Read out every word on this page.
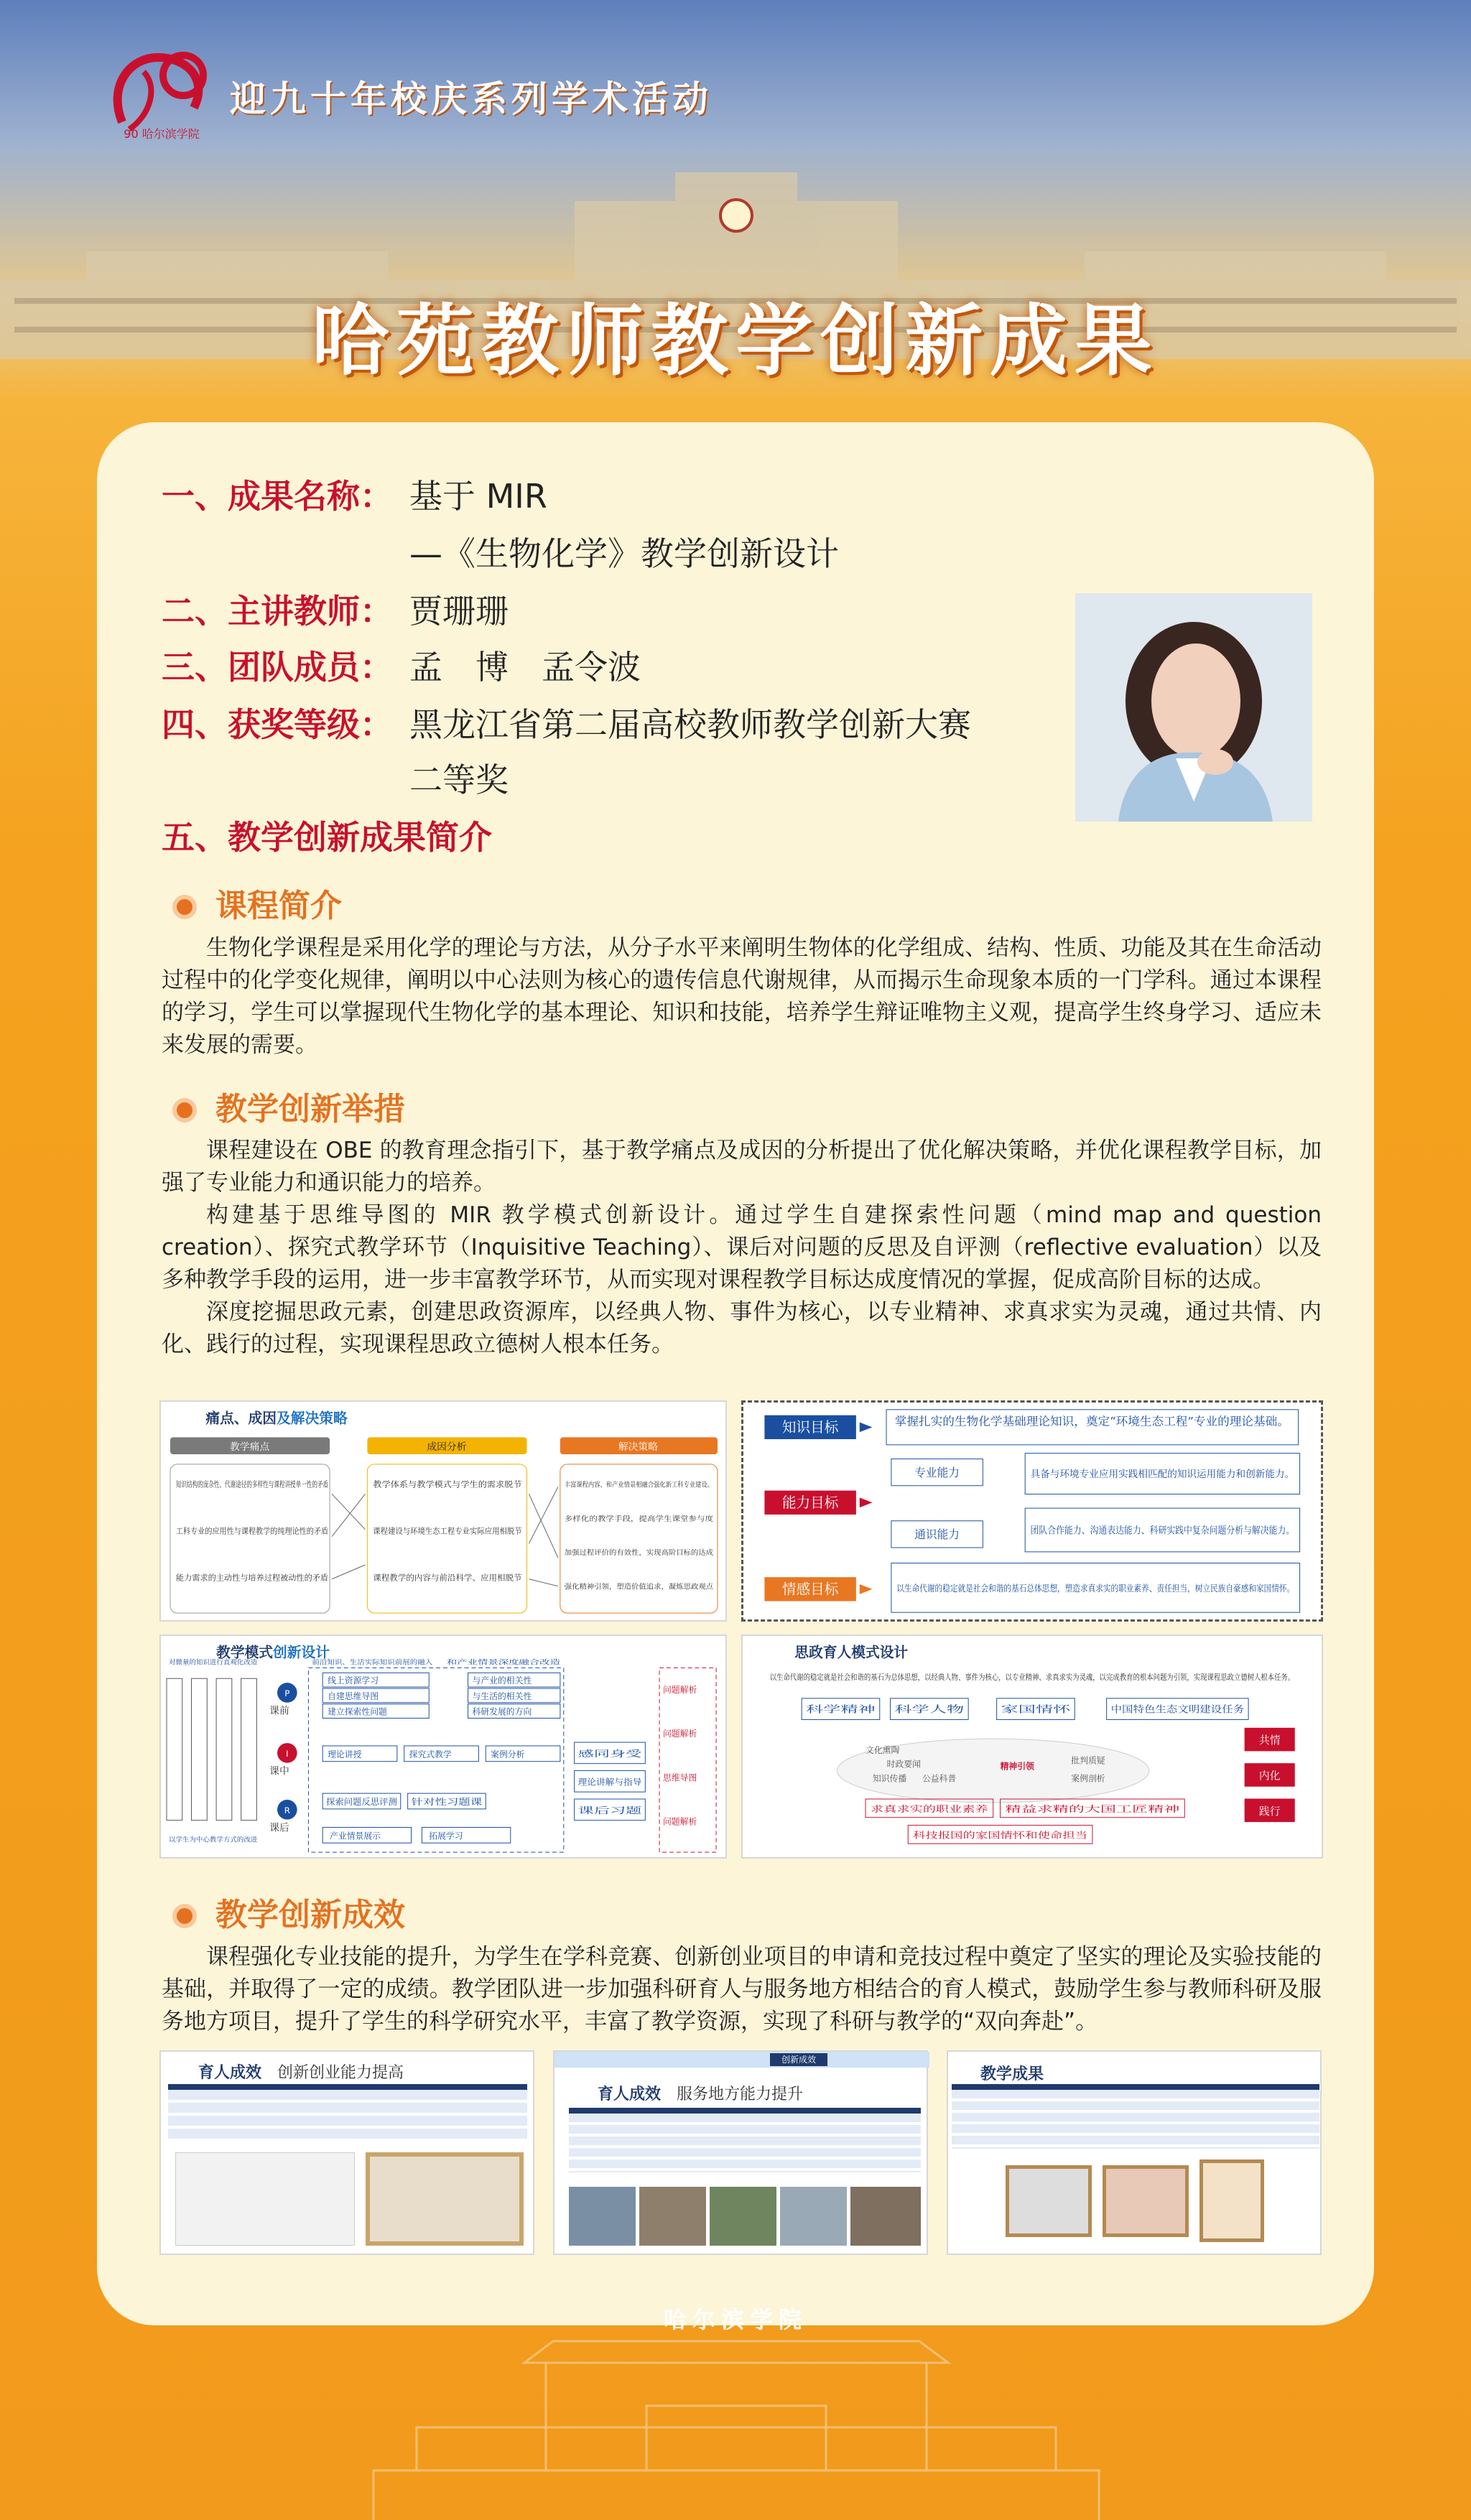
90 哈尔滨学院
迎九十年校庆系列学术活动
哈苑教师教学创新成果
一、成果名称： 基于 MIR
—《生物化学》教学创新设计
二、主讲教师： 贾珊珊
三、团队成员： 孟　博　孟令波
四、获奖等级： 黑龙江省第二届高校教师教学创新大赛
二等奖
五、教学创新成果简介
课程简介

生物化学课程是采用化学的理论与方法，从分子水平来阐明生物体的化学组成、结构、性质、功能及其在生命活动过程中的化学变化规律，阐明以中心法则为核心的遗传信息代谢规律，从而揭示生命现象本质的一门学科。通过本课程的学习，学生可以掌握现代生物化学的基本理论、知识和技能，培养学生辩证唯物主义观，提高学生终身学习、适应未来发展的需要。

教学创新举措

课程建设在 OBE 的教育理念指引下，基于教学痛点及成因的分析提出了优化解决策略，并优化课程教学目标，加强了专业能力和通识能力的培养。

构建基于思维导图的 MIR 教学模式创新设计。通过学生自建探索性问题（mind map and question creation）、探究式教学环节（Inquisitive Teaching）、课后对问题的反思及自评测（reflective evaluation）以及多种教学手段的运用，进一步丰富教学环节，从而实现对课程教学目标达成度情况的掌握，促成高阶目标的达成。

深度挖掘思政元素，创建思政资源库，以经典人物、事件为核心，以专业精神、求真求实为灵魂，通过共情、内化、践行的过程，实现课程思政立德树人根本任务。

痛点、成因及解决策略
教学痛点	成因分析	解决策略
知识结构的庞杂性、代谢途径的多样性与课程讲授单一性的矛盾
工科专业的应用性与课程教学的纯理论性的矛盾
能力需求的主动性与培养过程被动性的矛盾
教学体系与教学模式与学生的需求脱节
课程建设与环境生态工程专业实际应用相脱节
课程教学的内容与前沿科学、应用相脱节
丰富课程内容、和产业情景相融合强化新工科专业建设。
多样化的教学手段，提高学生课堂参与度
加强过程评价的有效性，实现高阶目标的达成
强化精神引领，塑造价值追求，凝炼思政观点
知识目标	掌握扎实的生物化学基础理论知识，奠定“环境生态工程”专业的理论基础。
能力目标
专业能力
通识能力
具备与环境专业应用实践相匹配的知识运用能力和创新能力。
团队合作能力、沟通表达能力、科研实践中复杂问题分析与解决能力。
情感目标	以生命代谢的稳定就是社会和谐的基石总体思想，塑造求真求实的职业素养、责任担当，树立民族自豪感和家国情怀。
教学模式创新设计
P
I
R
课前
课中
课后
以学生为中心教学方式的改进
对微量的知识进行直观化改造	前沿知识、生活实际知识前展的融入	和产业情景深度融合改造
线上资源学习
自建思维导图
建立探索性问题
与产业的相关性
与生活的相关性
科研发展的方向
理论讲授	探究式教学	案例分析
探索问题反思评测 针对性习题课
产业情景展示	拓展学习
感同身受
理论讲解与指导
课后习题
问题解析
问题解析
思维导图
问题解析
思政育人模式设计
以生命代谢的稳定就是社会和谐的基石为总体思想，以经典人物、事件为核心，以专业精神、求真求实为灵魂，以完成教育的根本问题为引领，实现课程思政立德树人根本任务。
科学精神	科学人物	家国情怀	中国特色生态文明建设任务
文化熏陶
时政要闻
公益科普
精神引领
批判质疑
案例剖析
知识传播
共情
内化
践行
求真求实的职业素养 精益求精的大国工匠精神
科技报国的家国情怀和使命担当
教学创新成效

课程强化专业技能的提升，为学生在学科竞赛、创新创业项目的申请和竞技过程中奠定了坚实的理论及实验技能的基础，并取得了一定的成绩。教学团队进一步加强科研育人与服务地方相结合的育人模式，鼓励学生参与教师科研及服务地方项目，提升了学生的科学研究水平，丰富了教学资源，实现了科研与教学的“双向奔赴”。

育人成效　 创新创业能力提高
创新成效
育人成效　 服务地方能力提升
教学成果
哈尔滨学院
